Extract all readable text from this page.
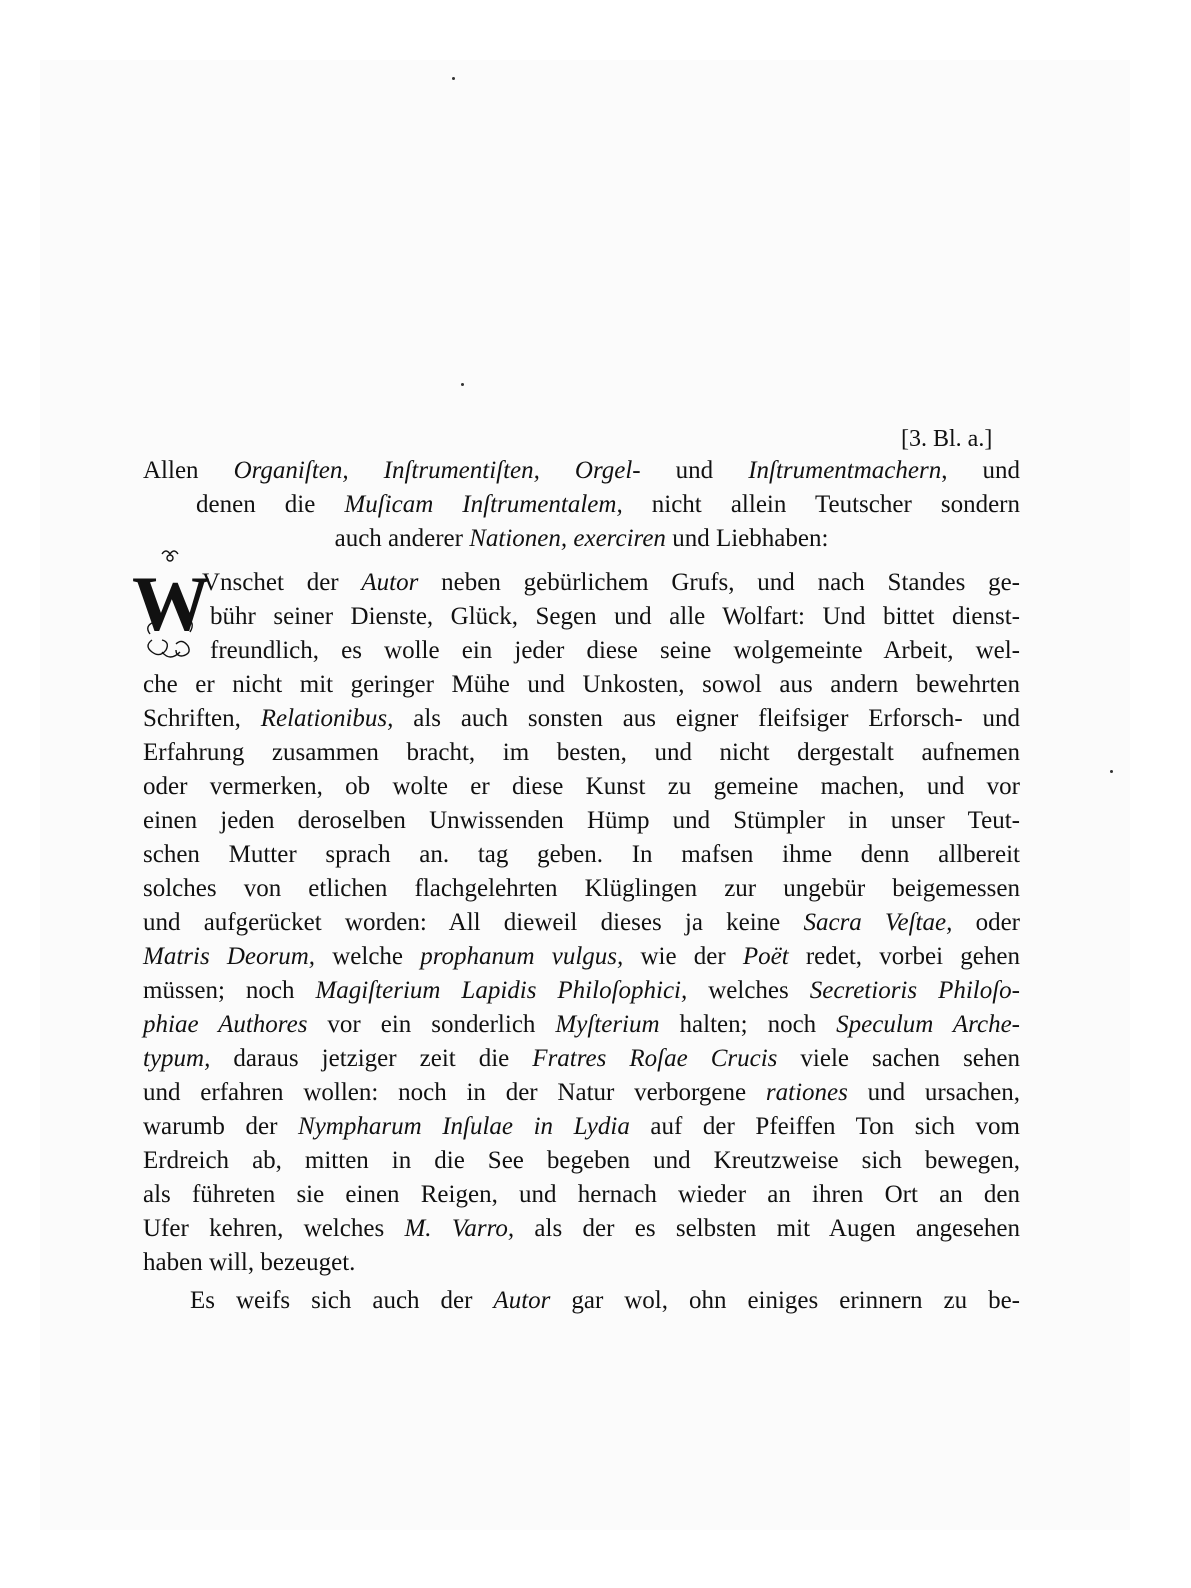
[3. Bl. a.]
Allen Organiſten, Inſtrumentiſten, Orgel- und Inſtrumentmachern, und
denen die Muſicam Inſtrumentalem, nicht allein Teutscher sondern
auch anderer Nationen, exerciren und Liebhaben:
W
Vnschet der Autor neben gebürlichem Grufs, und nach Standes ge-
bühr seiner Dienste, Glück, Segen und alle Wolfart: Und bittet dienst-
freundlich, es wolle ein jeder diese seine wolgemeinte Arbeit, wel-
che er nicht mit geringer Mühe und Unkosten, sowol aus andern bewehrten
Schriften, Relationibus, als auch sonsten aus eigner fleifsiger Erforsch- und
Erfahrung zusammen bracht, im besten, und nicht dergestalt aufnemen
oder vermerken, ob wolte er diese Kunst zu gemeine machen, und vor
einen jeden deroselben Unwissenden Hümp und Stümpler in unser Teut-
schen Mutter sprach an. tag geben. In mafsen ihme denn allbereit
solches von etlichen flachgelehrten Klüglingen zur ungebür beigemessen
und aufgerücket worden: All dieweil dieses ja keine Sacra Veſtae, oder
Matris Deorum, welche prophanum vulgus, wie der Poët redet, vorbei gehen
müssen; noch Magiſterium Lapidis Philoſophici, welches Secretioris Philoſo-
phiae Authores vor ein sonderlich Myſterium halten; noch Speculum Arche-
typum, daraus jetziger zeit die Fratres Roſae Crucis viele sachen sehen
und erfahren wollen: noch in der Natur verborgene rationes und ursachen,
warumb der Nympharum Inſulae in Lydia auf der Pfeiffen Ton sich vom
Erdreich ab, mitten in die See begeben und Kreutzweise sich bewegen,
als führeten sie einen Reigen, und hernach wieder an ihren Ort an den
Ufer kehren, welches M. Varro, als der es selbsten mit Augen angesehen
haben will, bezeuget.
Es weifs sich auch der Autor gar wol, ohn einiges erinnern zu be-
